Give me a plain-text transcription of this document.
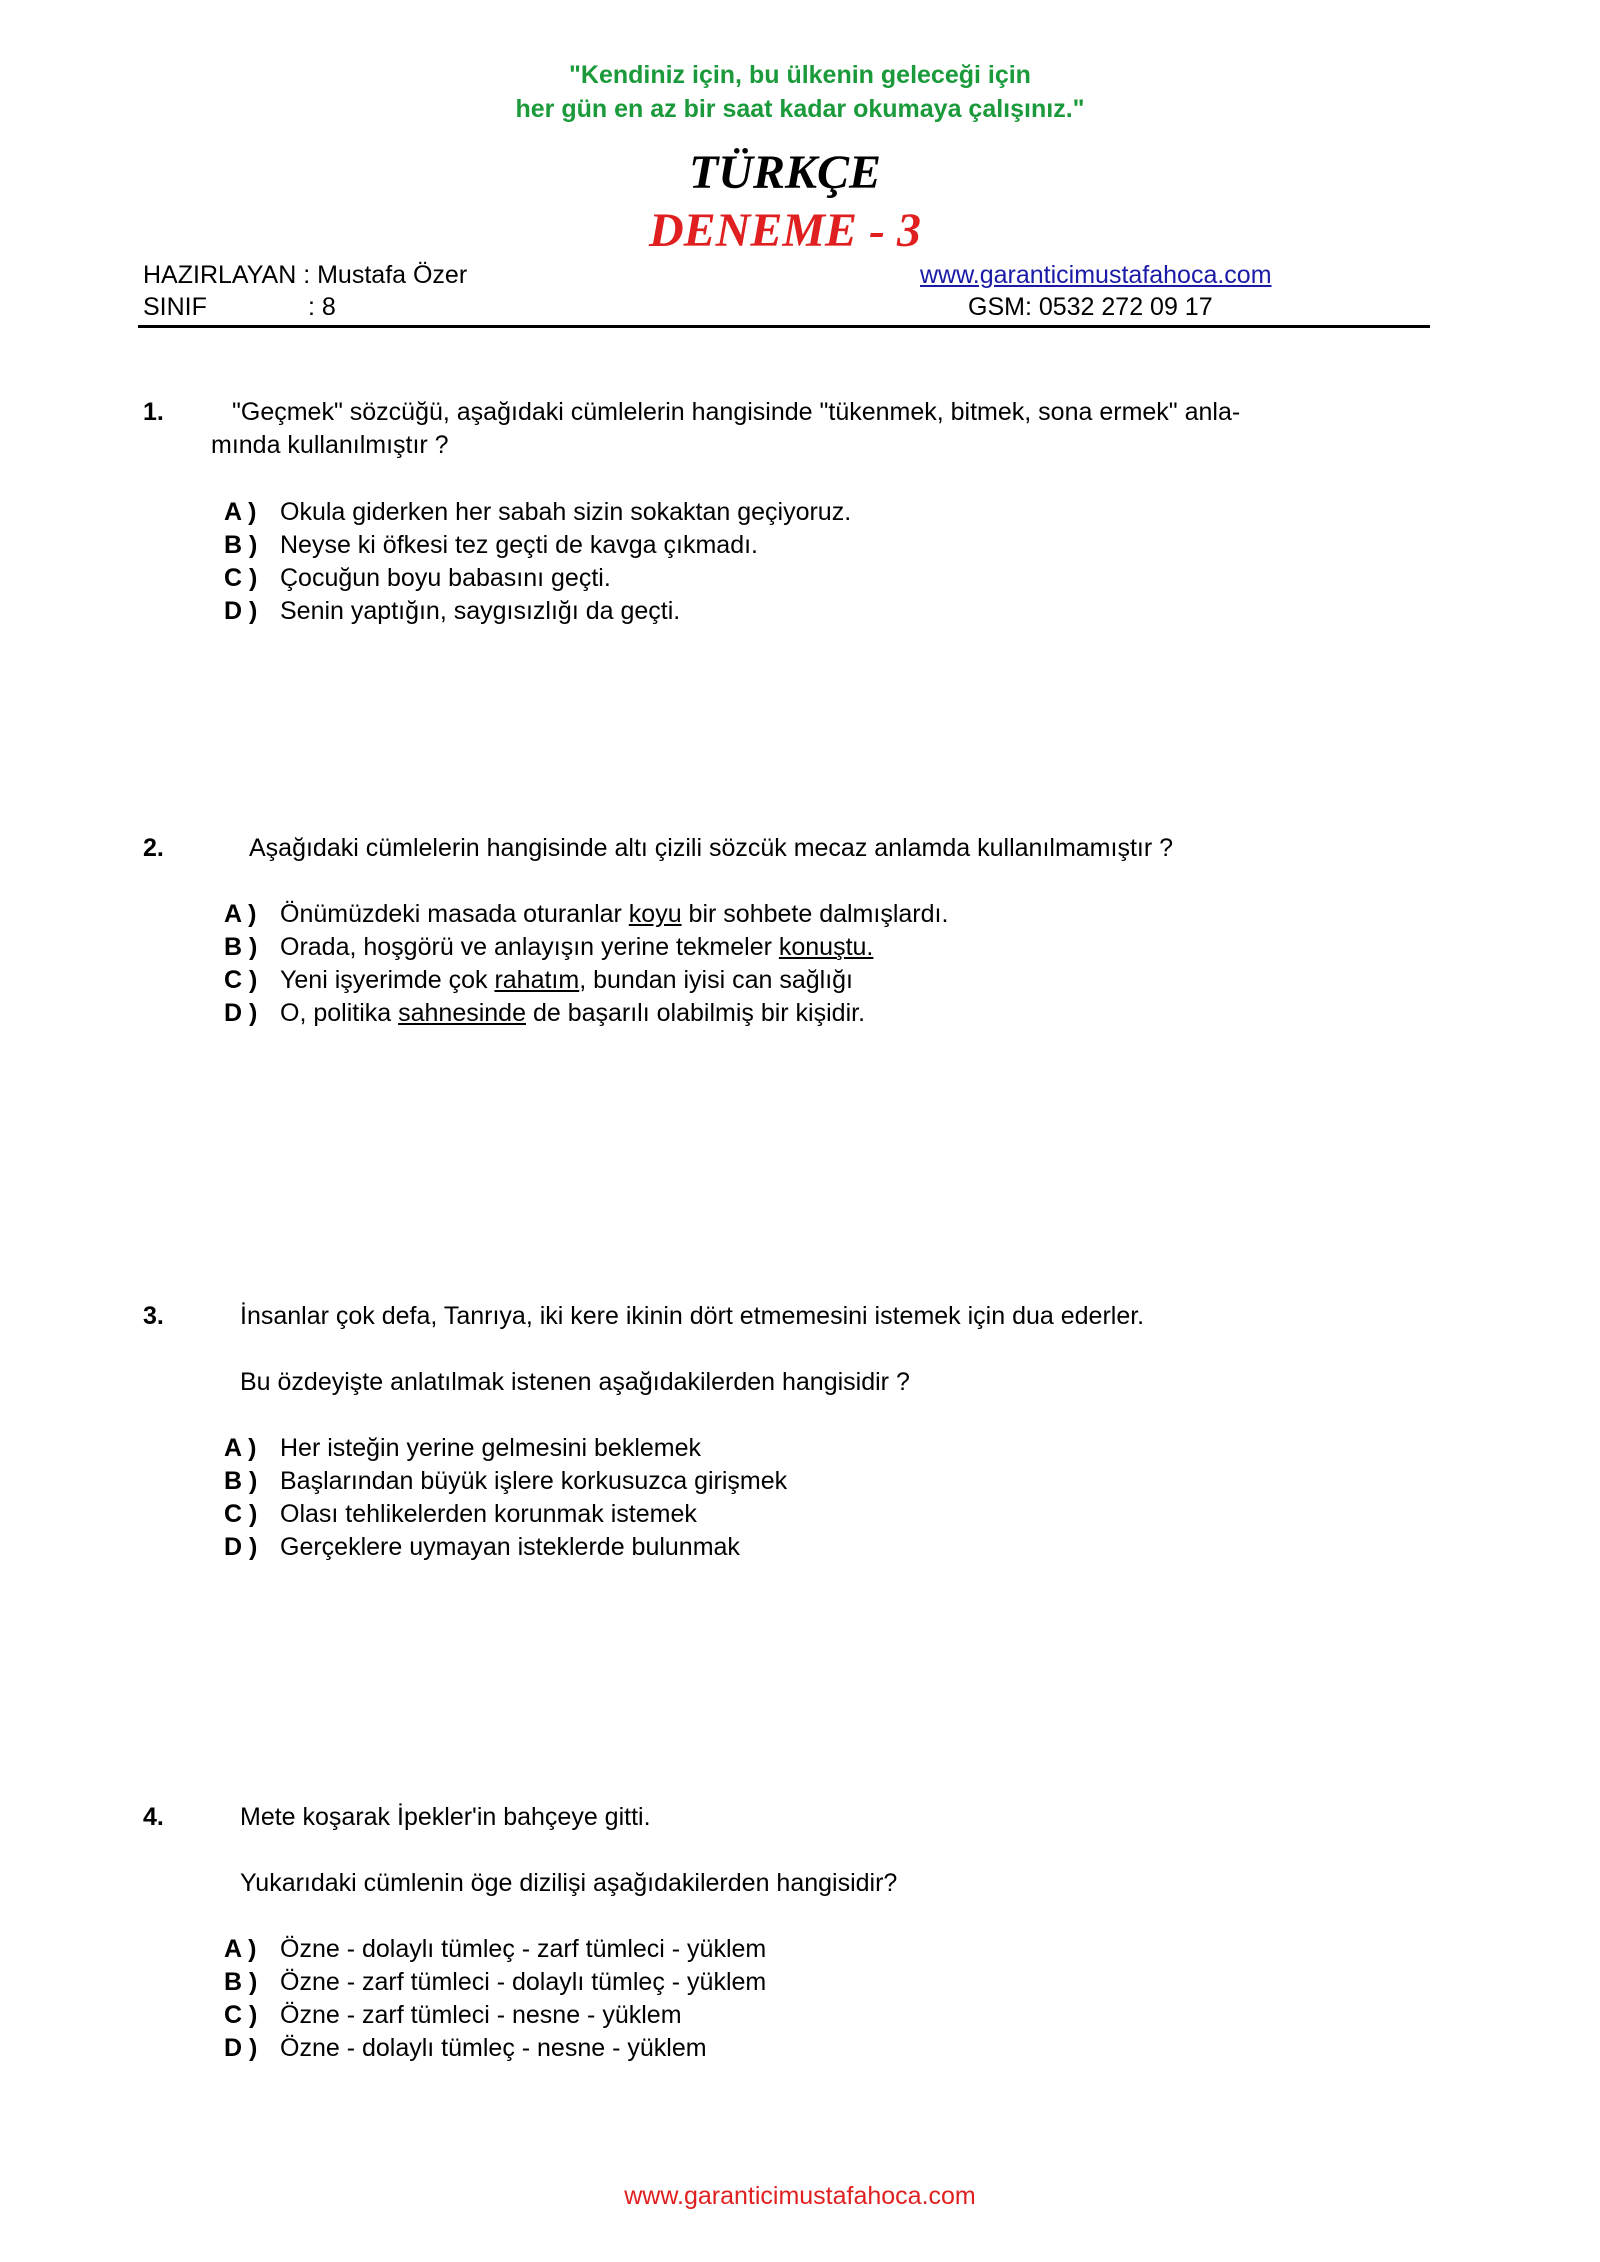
"Kendiniz için, bu ülkenin geleceği için
her gün en az bir saat kadar okumaya çalışınız."
TÜRKÇE
DENEME - 3
HAZIRLAYAN : Mustafa Özer
SINIF	: 8
www.garanticimustafahoca.com
GSM: 0532 272 09 17
1.	"Geçmek" sözcüğü, aşağıdaki cümlelerin hangisinde "tükenmek, bitmek, sona ermek" anla-
mında kullanılmıştır ?
A ) Okula giderken her sabah sizin sokaktan geçiyoruz.
B ) Neyse ki öfkesi tez geçti de kavga çıkmadı.
C ) Çocuğun boyu babasını geçti.
D ) Senin yaptığın, saygısızlığı da geçti.
2.	Aşağıdaki cümlelerin hangisinde altı çizili sözcük mecaz anlamda kullanılmamıştır ?
A ) Önümüzdeki masada oturanlar koyu bir sohbete dalmışlardı.
B ) Orada, hoşgörü ve anlayışın yerine tekmeler konuştu.
C ) Yeni işyerimde çok rahatım, bundan iyisi can sağlığı
D ) O, politika sahnesinde de başarılı olabilmiş bir kişidir.
3.	İnsanlar çok defa, Tanrıya, iki kere ikinin dört etmemesini istemek için dua ederler.
Bu özdeyişte anlatılmak istenen aşağıdakilerden hangisidir ?
A ) Her isteğin yerine gelmesini beklemek
B ) Başlarından büyük işlere korkusuzca girişmek
C ) Olası tehlikelerden korunmak istemek
D ) Gerçeklere uymayan isteklerde bulunmak
4.	Mete koşarak İpekler'in bahçeye gitti.
Yukarıdaki cümlenin öge dizilişi aşağıdakilerden hangisidir?
A ) Özne - dolaylı tümleç - zarf tümleci - yüklem
B ) Özne - zarf tümleci - dolaylı tümleç - yüklem
C ) Özne - zarf tümleci - nesne - yüklem
D ) Özne - dolaylı tümleç - nesne - yüklem
www.garanticimustafahoca.com
